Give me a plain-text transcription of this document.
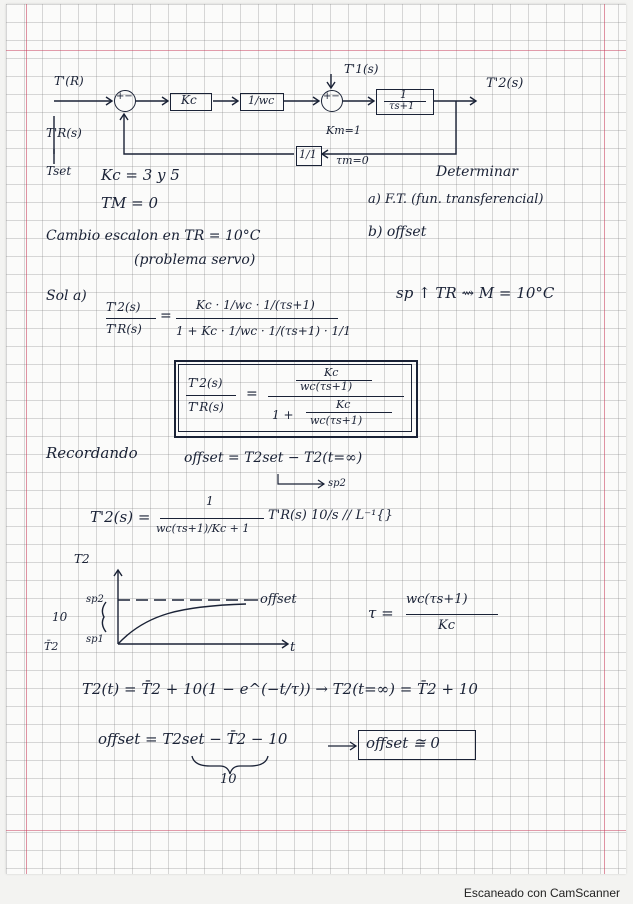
T'(R)
T'R(s)
Tset
+−	Kc	1/wc
T'1(s)
+−	1
τs+1
T'2(s)
Kт=1
1/1 τт=0
Kc = 3 y 5
TM = 0
Cambio escalon en TR = 10°C
(problema servo)
Determinar
a) F.T. (fun. transferencial)
b) offset
Sol a)
T'2(s)
T'R(s)
=
Kc · 1/wc · 1/(τs+1)
1 + Kc · 1/wc · 1/(τs+1) · 1/1
sp ↑ TR ⇝ M = 10°C
T'2(s)
T'R(s)
=
Kc
wc(τs+1)
1 +
Kc
wc(τs+1)
Recordando	offset = T2set − T2(t=∞)
sp2
T'2(s) =
1
wc(τs+1)/Kc + 1
T'R(s) 10/s // L⁻¹{}
T2
sp2
sp1
10
T̄2
offset
t
τ =
wc(τs+1)
Kc
T2(t) = T̄2 + 10(1 − e^(−t/τ)) → T2(t=∞) = T̄2 + 10
offset = T2set − T̄2 − 10
10
offset ≅ 0
Escaneado con CamScanner
